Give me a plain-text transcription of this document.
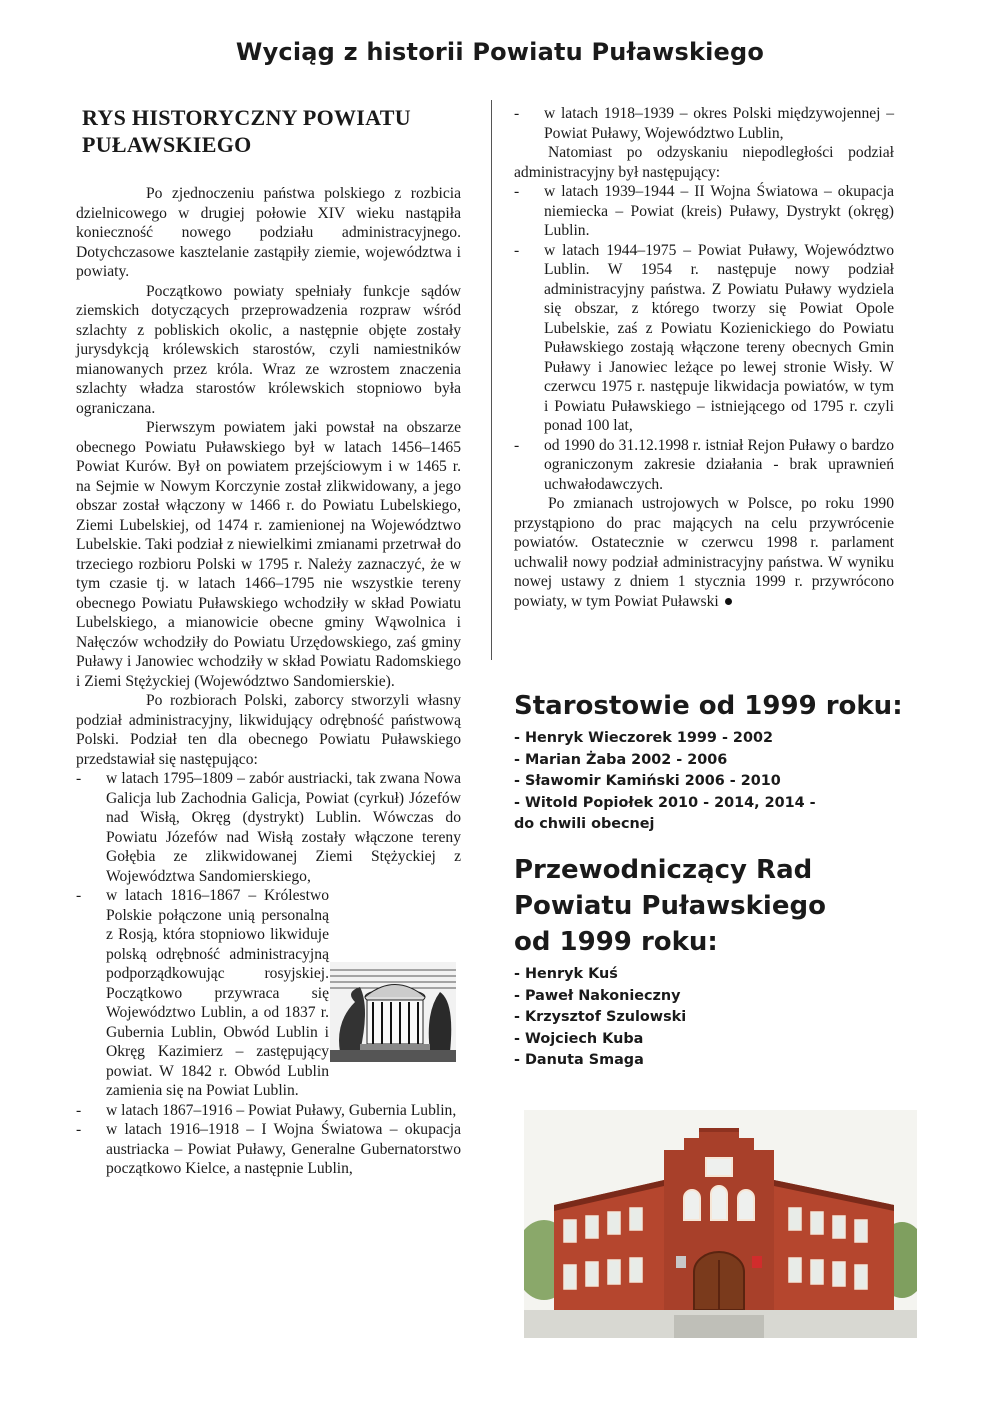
Wyciąg z historii Powiatu Puławskiego
RYS HISTORYCZNY POWIATU PUŁAWSKIEGO

Po zjednoczeniu państwa polskiego z rozbicia dzielnicowego w drugiej połowie XIV wieku nastąpiła konieczność nowego podziału administracyjnego. Dotychczasowe kasztelanie zastąpiły ziemie, województwa i powiaty.

Początkowo powiaty spełniały funkcje sądów ziemskich dotyczących przeprowadzenia rozpraw wśród szlachty z pobliskich okolic, a następnie objęte zostały jurysdykcją królewskich starostów, czyli namiestników mianowanych przez króla. Wraz ze wzrostem znaczenia szlachty władza starostów królewskich stopniowo była ograniczana.

Pierwszym powiatem jaki powstał na obszarze obecnego Powiatu Puławskiego był w latach 1456–1465 Powiat Kurów. Był on powiatem przejściowym i w 1465 r. na Sejmie w Nowym Korczynie został zlikwidowany, a jego obszar został włączony w 1466 r. do Powiatu Lubelskiego, Ziemi Lubelskiej, od 1474 r. zamienionej na Województwo Lubelskie. Taki podział z niewielkimi zmianami przetrwał do trzeciego rozbioru Polski w 1795 r. Należy zaznaczyć, że w tym czasie tj. w latach 1466–1795 nie wszystkie tereny obecnego Powiatu Puławskiego wchodziły w skład Powiatu Lubelskiego, a mianowicie obecne gminy Wąwolnica i Nałęczów wchodziły do Powiatu Urzędowskiego, zaś gminy Puławy i Janowiec wchodziły w skład Powiatu Radomskiego i Ziemi Stężyckiej (Województwo Sandomierskie).

Po rozbiorach Polski, zaborcy stworzyli własny podział administracyjny, likwidujący odrębność państwową Polski. Podział ten dla obecnego Powiatu Puławskiego przedstawiał się następująco:

- w latach 1795–1809 – zabór austriacki, tak zwana Nowa Galicja lub Zachodnia Galicja, Powiat (cyrkuł) Józefów nad Wisłą, Okręg (dystrykt) Lublin. Wówczas do Powiatu Józefów nad Wisłą zostały włączone tereny Gołębia ze zlikwidowanej Ziemi Stężyckiej z Województwa Sandomierskiego,
- w latach 1816–1867 – Królestwo Polskie połączone unią personalną z Rosją, która stopniowo likwiduje polską odrębność administracyjną podporządkowując rosyjskiej. Początkowo przywraca się Województwo Lublin, a od 1837 r. Gubernia Lublin, Obwód Lublin i Okręg Kazimierz – zastępujący powiat. W 1842 r. Obwód Lublin zamienia się na Powiat Lublin.
- w latach 1867–1916 – Powiat Puławy, Gubernia Lublin,
- w latach 1916–1918 – I Wojna Światowa – okupacja austriacka – Powiat Puławy, Generalne Gubernatorstwo początkowo Kielce, a następnie Lublin,
- w latach 1918–1939 – okres Polski międzywojennej – Powiat Puławy, Województwo Lublin,

Natomiast po odzyskaniu niepodległości podział administracyjny był następujący:

- w latach 1939–1944 – II Wojna Światowa – okupacja niemiecka – Powiat (kreis) Puławy, Dystrykt (okręg) Lublin.
- w latach 1944–1975 – Powiat Puławy, Województwo Lublin. W 1954 r. następuje nowy podział administracyjny państwa. Z Powiatu Puławy wydziela się obszar, z którego tworzy się Powiat Opole Lubelskie, zaś z Powiatu Kozienickiego do Powiatu Puławskiego zostają włączone tereny obecnych Gmin Puławy i Janowiec leżące po lewej stronie Wisły. W czerwcu 1975 r. następuje likwidacja powiatów, w tym i Powiatu Puławskiego – istniejącego od 1795 r. czyli ponad 100 lat,
- od 1990 do 31.12.1998 r. istniał Rejon Puławy o bardzo ograniczonym zakresie działania - brak uprawnień uchwałodawczych.

Po zmianach ustrojowych w Polsce, po roku 1990 przystąpiono do prac mających na celu przywrócenie powiatów. Ostatecznie w czerwcu 1998 r. parlament uchwalił nowy podział administracyjny państwa. W wyniku nowej ustawy z dniem 1 stycznia 1999 r. przywrócono powiaty, w tym Powiat Puławski

Starostowie od 1999 roku:
- Henryk Wieczorek 1999 - 2002
- Marian Żaba 2002 - 2006
- Sławomir Kamiński 2006 - 2010
- Witold Popiołek 2010 - 2014, 2014 - do chwili obecnej
Przewodniczący Rad Powiatu Puławskiego od 1999 roku:
- Henryk Kuś
- Paweł Nakonieczny
- Krzysztof Szulowski
- Wojciech Kuba
- Danuta Smaga
